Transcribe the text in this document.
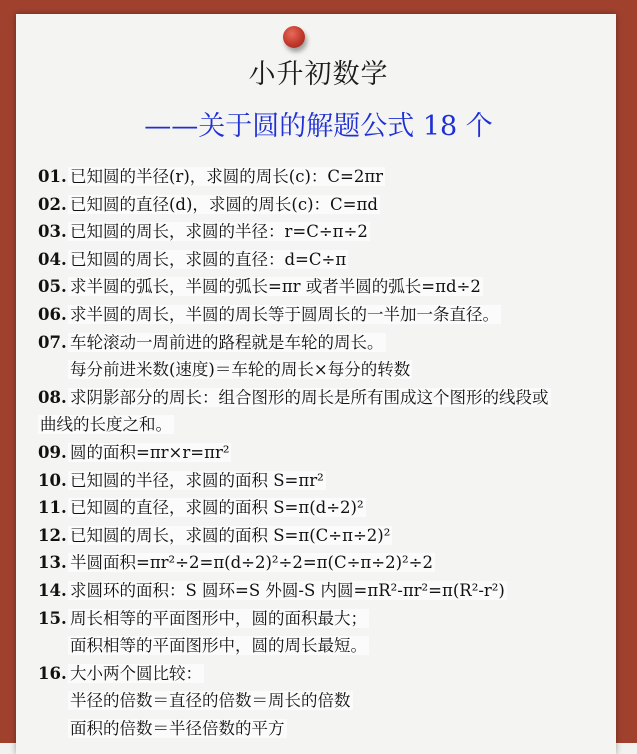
小升初数学
——关于圆的解题公式 18 个
01. 已知圆的半径(r)，求圆的周长(c)：C=2πr
02. 已知圆的直径(d)，求圆的周长(c)：C=πd
03. 已知圆的周长，求圆的半径：r=C÷π÷2
04. 已知圆的周长，求圆的直径：d=C÷π
05. 求半圆的弧长，半圆的弧长=πr 或者半圆的弧长=πd÷2
06. 求半圆的周长，半圆的周长等于圆周长的一半加一条直径。
07. 车轮滚动一周前进的路程就是车轮的周长。
每分前进米数(速度)＝车轮的周长×每分的转数
08. 求阴影部分的周长：组合图形的周长是所有围成这个图形的线段或
曲线的长度之和。
09. 圆的面积=πr×r=πr²
10. 已知圆的半径，求圆的面积 S=πr²
11. 已知圆的直径，求圆的面积 S=π(d÷2)²
12. 已知圆的周长，求圆的面积 S=π(C÷π÷2)²
13. 半圆面积=πr²÷2=π(d÷2)²÷2=π(C÷π÷2)²÷2
14. 求圆环的面积：S 圆环=S 外圆-S 内圆=πR²-πr²=π(R²-r²)
15. 周长相等的平面图形中，圆的面积最大；
面积相等的平面图形中，圆的周长最短。
16. 大小两个圆比较：
半径的倍数＝直径的倍数＝周长的倍数
面积的倍数＝半径倍数的平方
